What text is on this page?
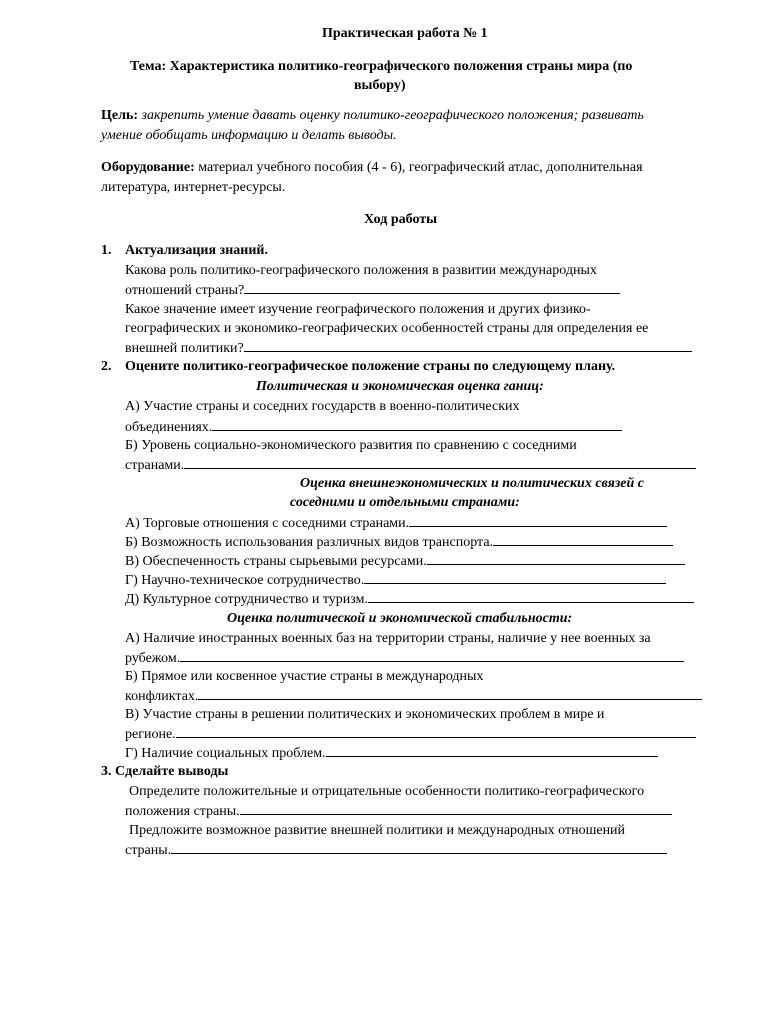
Практическая работа № 1
Тема: Характеристика политико-географического положения страны мира (по
выбору)
Цель: закрепить умение давать оценку политико-географического положения; развивать
умение обобщать информацию и делать выводы.
Оборудование: материал учебного пособия (4 - 6), географический атлас, дополнительная
литература, интернет-ресурсы.
Ход работы
1. Актуализация знаний.
Какова роль политико-географического положения в развитии международных
отношений страны?
Какое значение имеет изучение географического положения и других физико-
географических и экономико-географических особенностей страны для определения ее
внешней политики?
2. Оцените политико-географическое положение страны по следующему плану.
Политическая и экономическая оценка ганиц:
А) Участие страны и соседних государств в военно-политических
объединениях.
Б) Уровень социально-экономического развития по сравнению с соседними
странами.
Оценка внешнеэкономических и политических связей с
соседними и отдельными странами:
А) Торговые отношения с соседними странами.
Б) Возможность использования различных видов транспорта.
В) Обеспеченность страны сырьевыми ресурсами.
Г) Научно-техническое сотрудничество.
Д) Культурное сотрудничество и туризм.
Оценка политической и экономической стабильности:
А) Наличие иностранных военных баз на территории страны, наличие у нее военных за
рубежом.
Б) Прямое или косвенное участие страны в международных
конфликтах.
В) Участие страны в решении политических и экономических проблем в мире и
регионе.
Г) Наличие социальных проблем.
3. Сделайте выводы
Определите положительные и отрицательные особенности политико-географического
положения страны.
Предложите возможное развитие внешней политики и международных отношений
страны.
